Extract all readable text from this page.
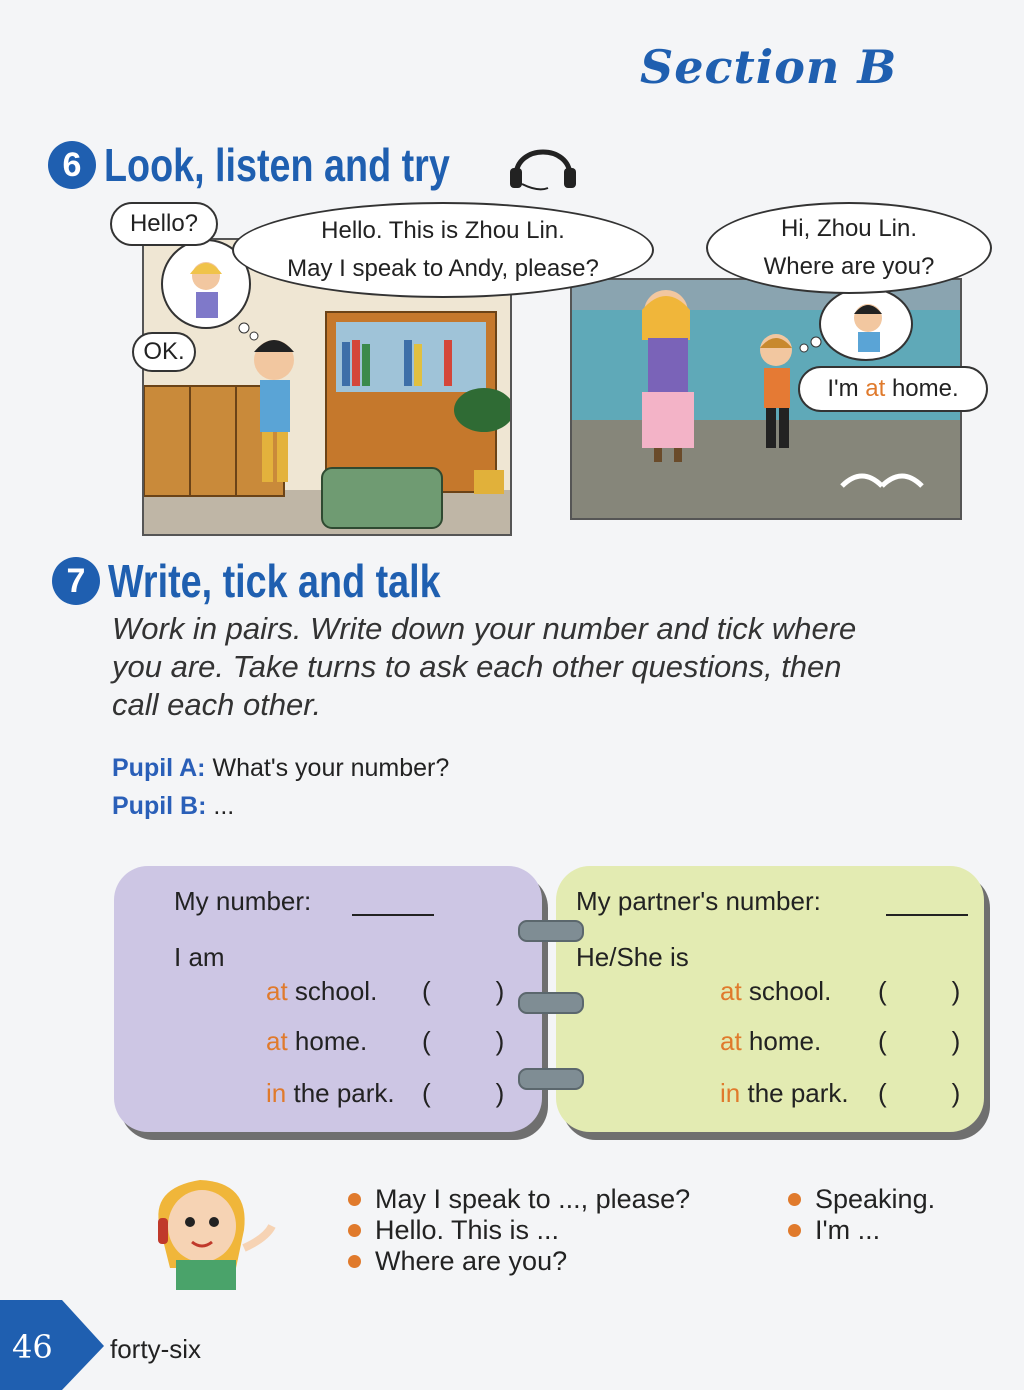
Section B
6 Look, listen and try
Hello?	Hello. This is Zhou Lin.
May I speak to Andy, please?
OK.
Hi, Zhou Lin.
Where are you?
I'm
at
home.
7 Write, tick and talk
Work in pairs. Write down your number and tick where
you are. Take turns to ask each other questions, then
call each other.
Pupil A: What's your number?
Pupil B: ...
My number:
I am
at school. (         )
at home. (         )
in the park. (         )
My partner's number:
He/She is
at school. (         )
at home. (         )
in the park. (         )
May I speak to ..., please?
Hello. This is ...
Where are you?
Speaking.
I'm ...
46 forty-six
